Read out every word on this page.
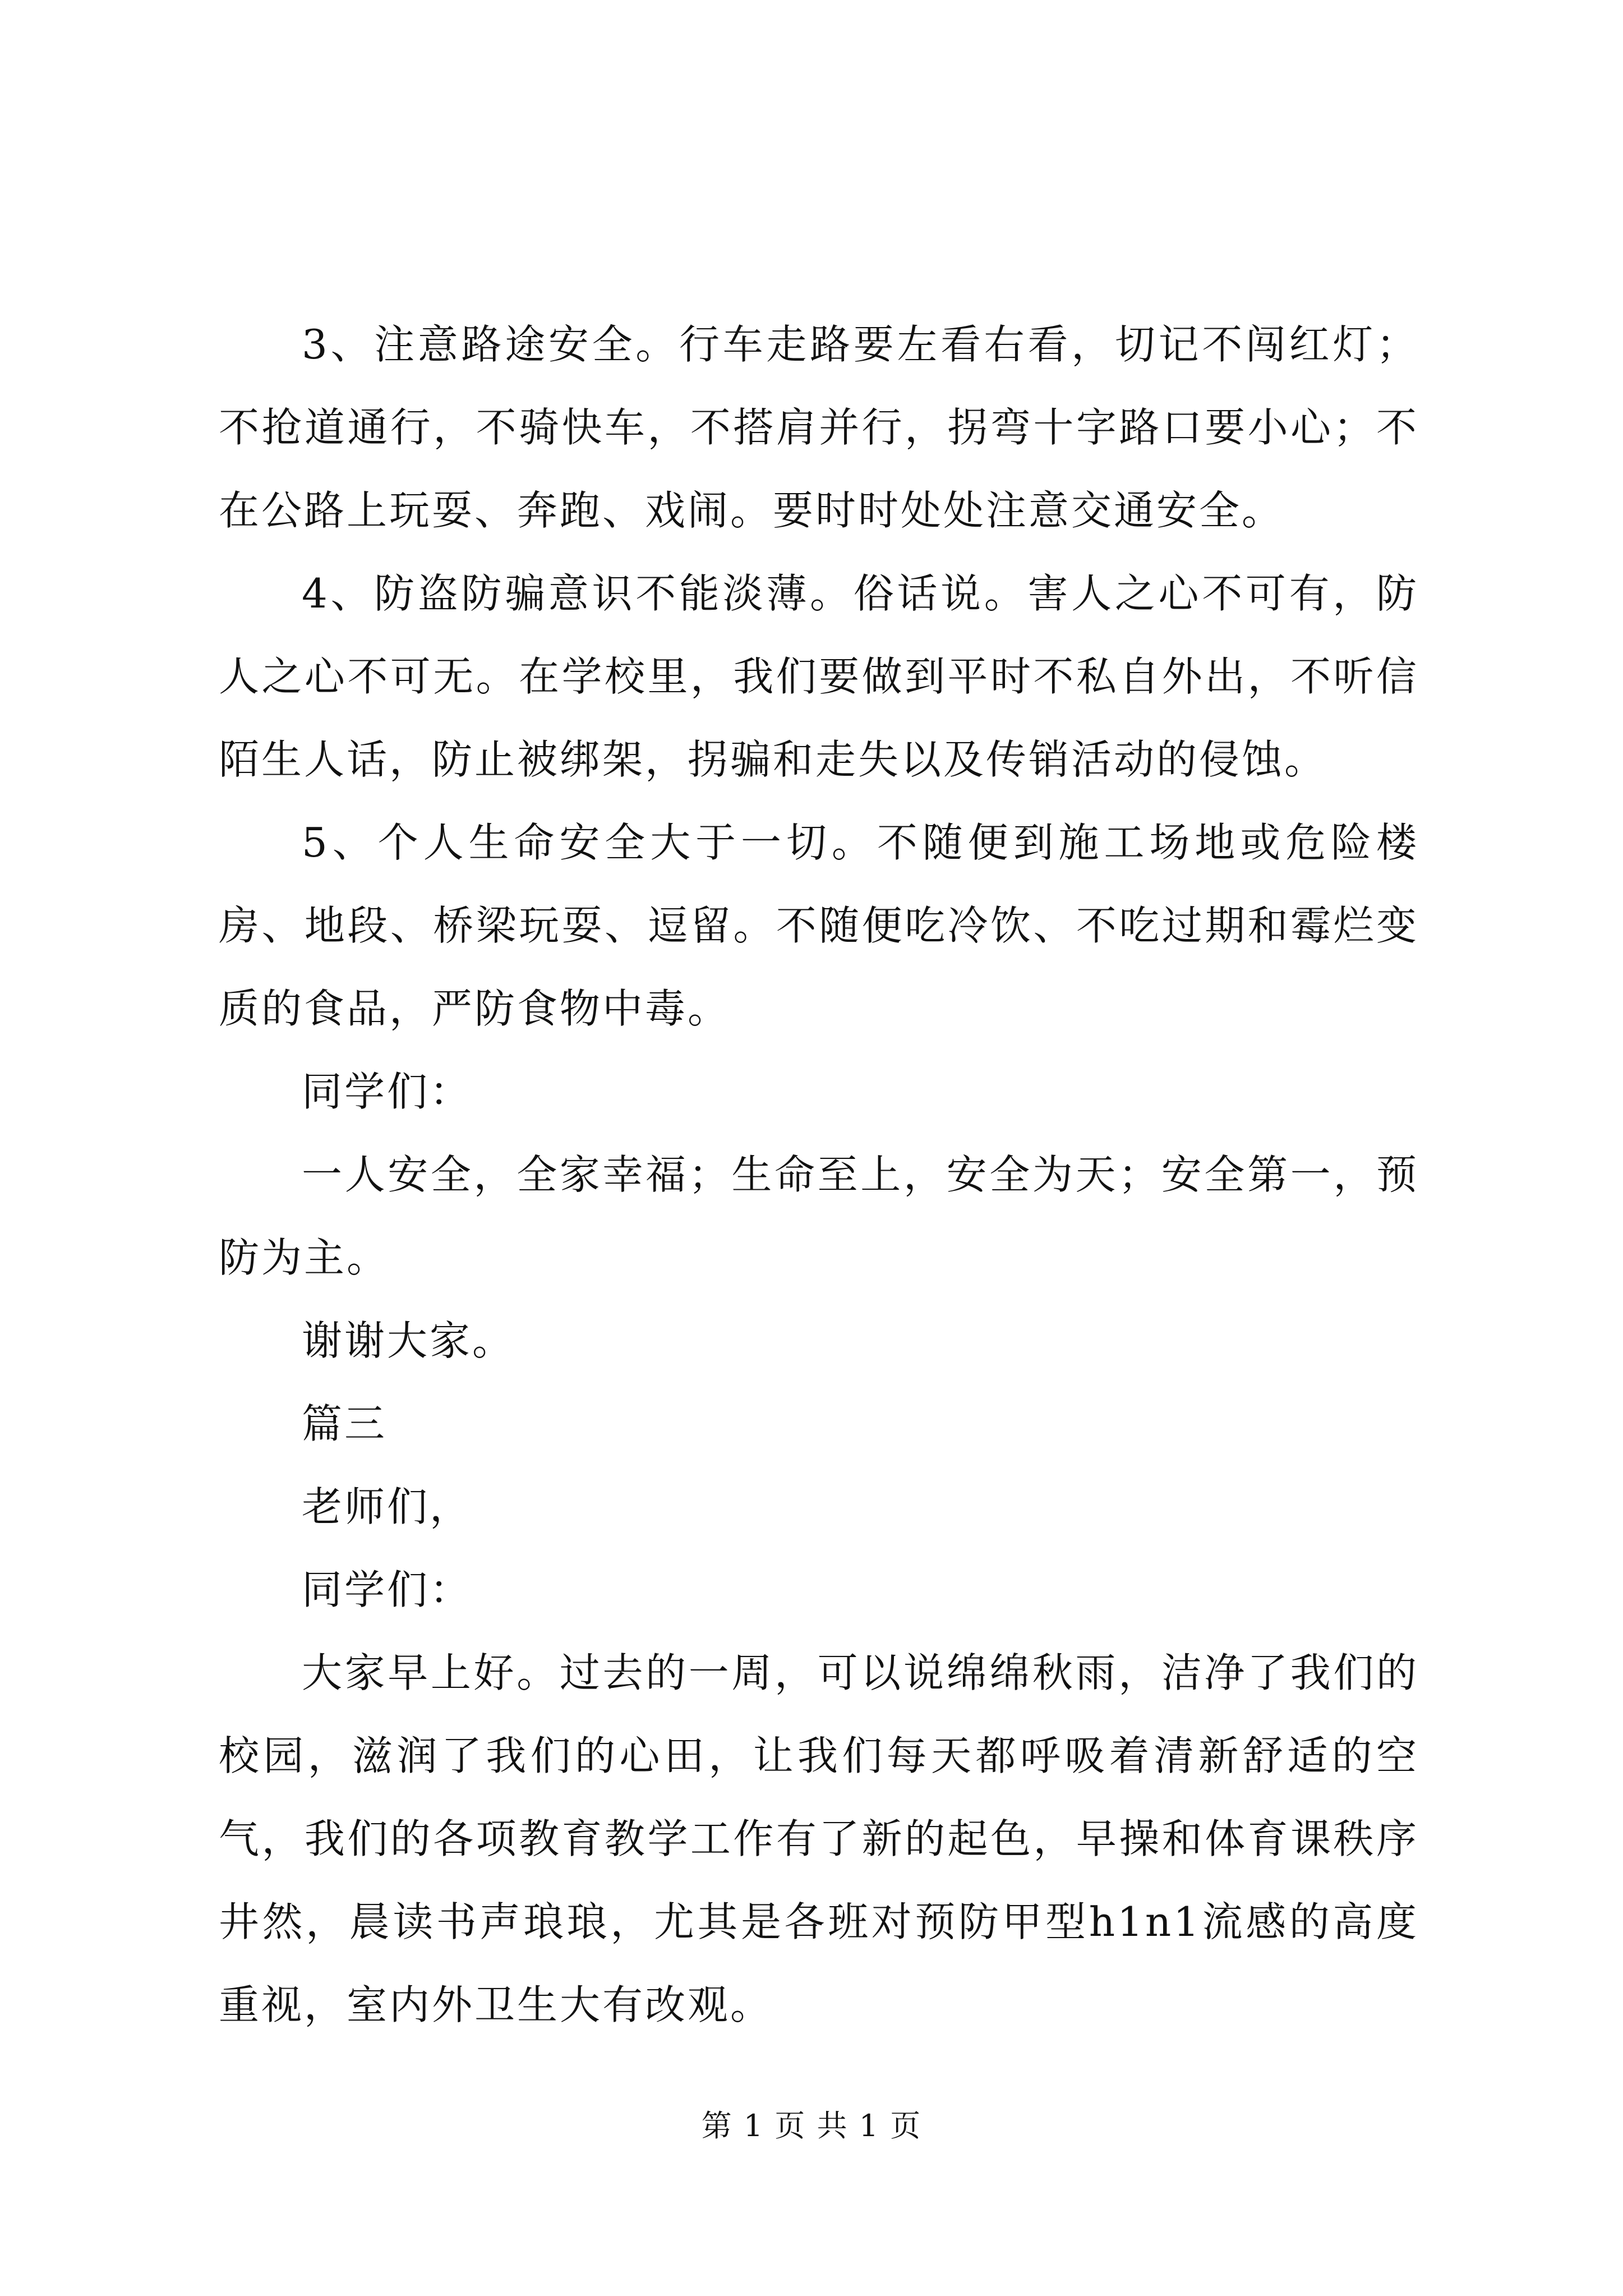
3、注意路途安全。行车走路要左看右看，切记不闯红灯；不抢道通行，不骑快车，不搭肩并行，拐弯十字路口要小心；不在公路上玩耍、奔跑、戏闹。要时时处处注意交通安全。

4、防盗防骗意识不能淡薄。俗话说。害人之心不可有，防人之心不可无。在学校里，我们要做到平时不私自外出，不听信陌生人话，防止被绑架，拐骗和走失以及传销活动的侵蚀。

5、个人生命安全大于一切。不随便到施工场地或危险楼房、地段、桥梁玩耍、逗留。不随便吃冷饮、不吃过期和霉烂变质的食品，严防食物中毒。

同学们：

一人安全，全家幸福；生命至上，安全为天；安全第一，预防为主。

谢谢大家。

篇三

老师们，

同学们：

大家早上好。过去的一周，可以说绵绵秋雨，洁净了我们的校园，滋润了我们的心田，让我们每天都呼吸着清新舒适的空气，我们的各项教育教学工作有了新的起色，早操和体育课秩序井然，晨读书声琅琅，尤其是各班对预防甲型h1n1流感的高度重视，室内外卫生大有改观。

第 1 页 共 1 页
